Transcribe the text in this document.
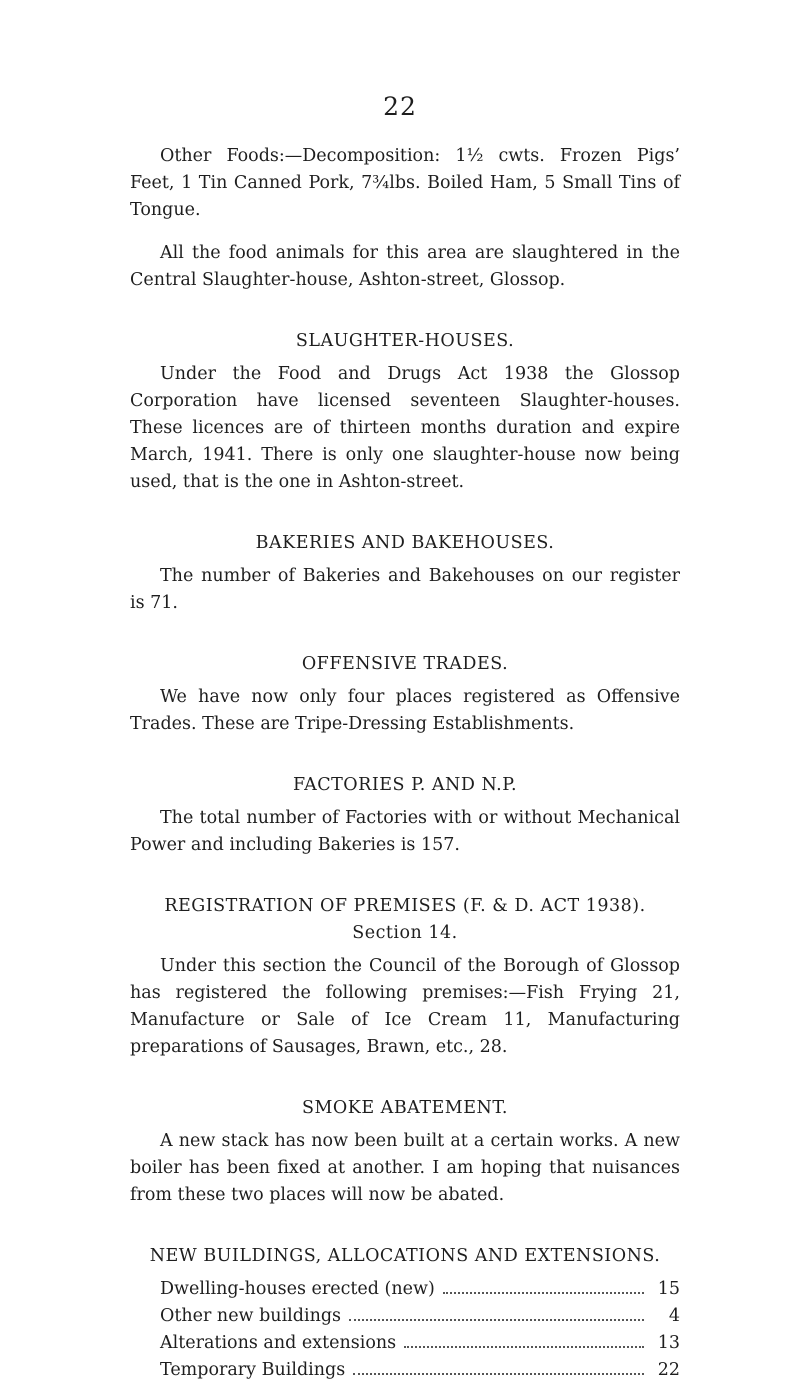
22

Other Foods:—Decomposition: 1½ cwts. Frozen Pigs’ Feet, 1 Tin Canned Pork, 7¾lbs. Boiled Ham, 5 Small Tins of Tongue.

All the food animals for this area are slaughtered in the Central Slaughter-house, Ashton-street, Glossop.

SLAUGHTER-HOUSES.

Under the Food and Drugs Act 1938 the Glossop Corporation have licensed seventeen Slaughter-houses. These licences are of thirteen months duration and expire March, 1941. There is only one slaughter-house now being used, that is the one in Ashton-street.

BAKERIES AND BAKEHOUSES.

The number of Bakeries and Bakehouses on our register is 71.

OFFENSIVE TRADES.

We have now only four places registered as Offensive Trades. These are Tripe-Dressing Establishments.

FACTORIES P. AND N.P.

The total number of Factories with or without Mechanical Power and including Bakeries is 157.

REGISTRATION OF PREMISES (F. & D. ACT 1938).
Section 14.

Under this section the Council of the Borough of Glossop has registered the following premises:—Fish Frying 21, Manufacture or Sale of Ice Cream 11, Manufacturing preparations of Sausages, Brawn, etc., 28.

SMOKE ABATEMENT.

A new stack has now been built at a certain works. A new boiler has been fixed at another. I am hoping that nuisances from these two places will now be abated.

NEW BUILDINGS, ALLOCATIONS AND EXTENSIONS.
Dwelling-houses erected (new)	15
Other new buildings	4
Alterations and extensions	13
Temporary Buildings	22
